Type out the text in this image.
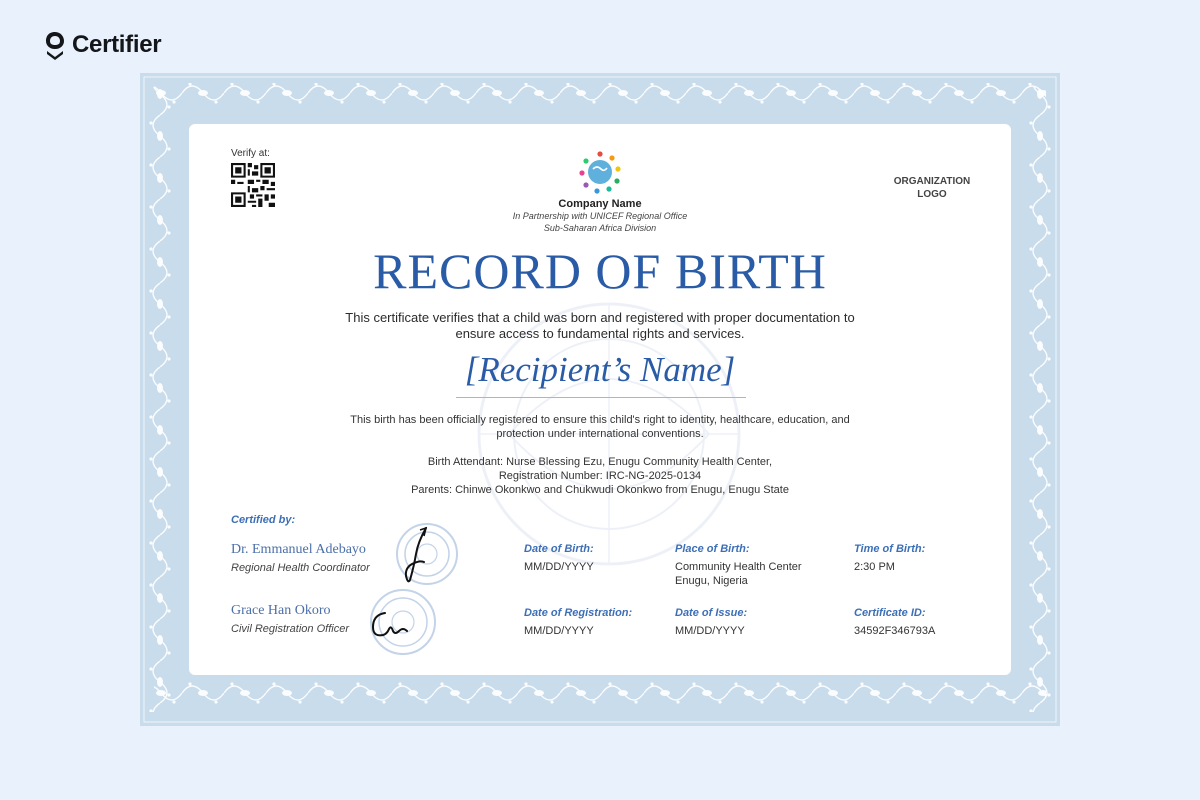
Certifier
Verify at:
Company Name
In Partnership with UNICEF Regional Office
Sub-Saharan Africa Division
ORGANIZATION LOGO
RECORD OF BIRTH
This certificate verifies that a child was born and registered with proper documentation to ensure access to fundamental rights and services.
[Recipient’s Name]
This birth has been officially registered to ensure this child's right to identity, healthcare, education, and protection under international conventions.
Birth Attendant: Nurse Blessing Ezu, Enugu Community Health Center,
Registration Number: IRC-NG-2025-0134
Parents: Chinwe Okonkwo and Chukwudi Okonkwo from Enugu, Enugu State
Certified by:
Dr. Emmanuel Adebayo
Regional Health Coordinator
Grace Han Okoro
Civil Registration Officer
Date of Birth:
MM/DD/YYYY
Place of Birth:
Community Health Center
Enugu, Nigeria
Time of Birth:
2:30 PM
Date of Registration:
MM/DD/YYYY
Date of Issue:
MM/DD/YYYY
Certificate ID:
34592F346793A
